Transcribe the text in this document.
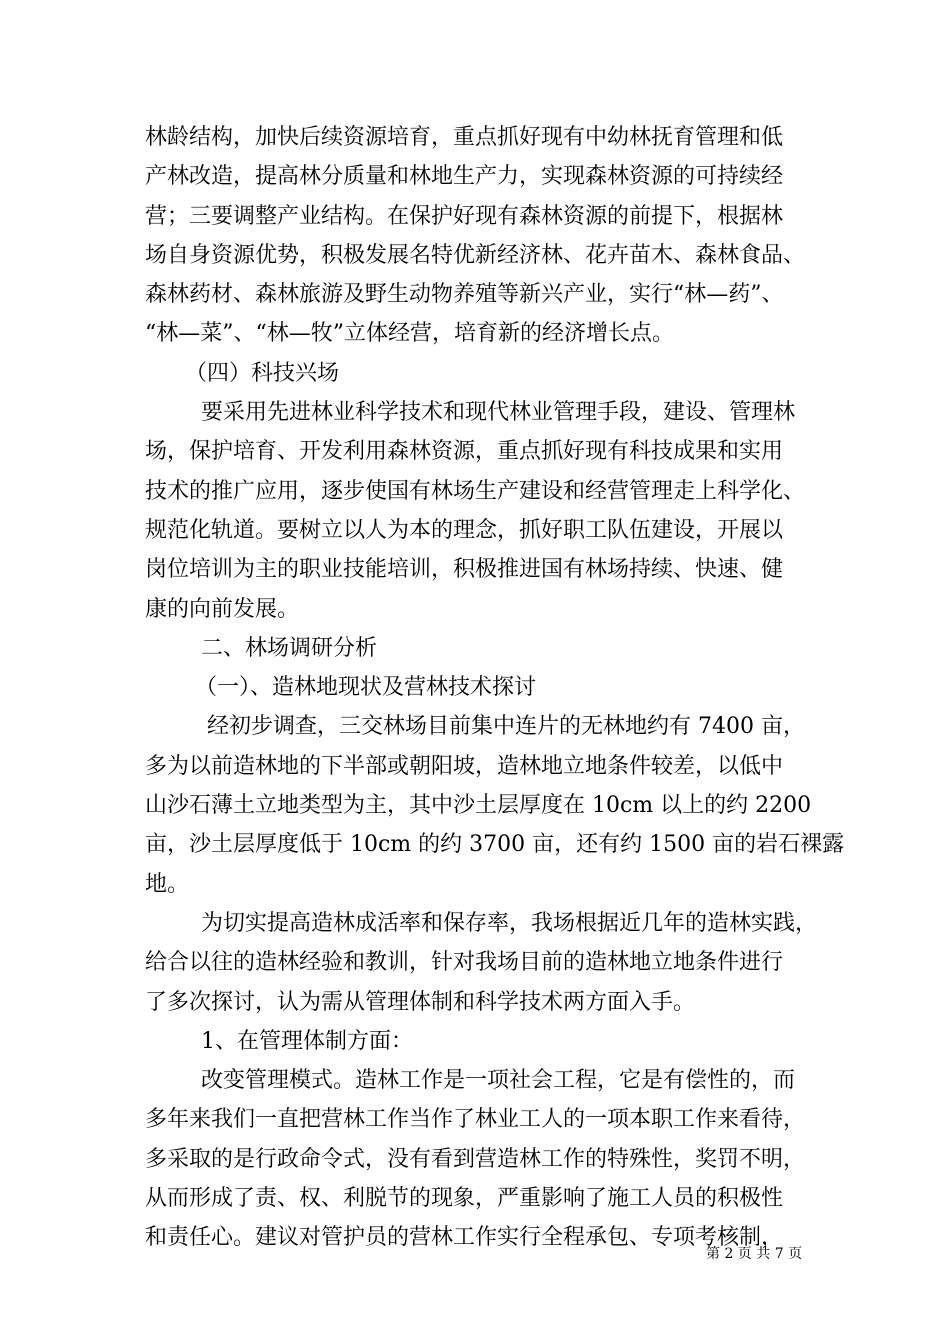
林龄结构，加快后续资源培育，重点抓好现有中幼林抚育管理和低
产林改造，提高林分质量和林地生产力，实现森林资源的可持续经
营；三要调整产业结构。在保护好现有森林资源的前提下，根据林
场自身资源优势，积极发展名特优新经济林、花卉苗木、森林食品、
森林药材、森林旅游及野生动物养殖等新兴产业，实行“林—药”、
“林—菜”、“林—牧”立体经营，培育新的经济增长点。
（四）科技兴场
要采用先进林业科学技术和现代林业管理手段，建设、管理林
场，保护培育、开发利用森林资源，重点抓好现有科技成果和实用
技术的推广应用，逐步使国有林场生产建设和经营管理走上科学化、
规范化轨道。要树立以人为本的理念，抓好职工队伍建设，开展以
岗位培训为主的职业技能培训，积极推进国有林场持续、快速、健
康的向前发展。
二、林场调研分析
（一）、造林地现状及营林技术探讨
经初步调查，三交林场目前集中连片的无林地约有 7400 亩，
多为以前造林地的下半部或朝阳坡，造林地立地条件较差，以低中
山沙石薄土立地类型为主，其中沙土层厚度在 10cm 以上的约 2200
亩，沙土层厚度低于 10cm 的约 3700 亩，还有约 1500 亩的岩石裸露
地。
为切实提高造林成活率和保存率，我场根据近几年的造林实践，
给合以往的造林经验和教训，针对我场目前的造林地立地条件进行
了多次探讨，认为需从管理体制和科学技术两方面入手。
1、在管理体制方面：
改变管理模式。造林工作是一项社会工程，它是有偿性的，而
多年来我们一直把营林工作当作了林业工人的一项本职工作来看待，
多采取的是行政命令式，没有看到营造林工作的特殊性，奖罚不明，
从而形成了责、权、利脱节的现象，严重影响了施工人员的积极性
和责任心。建议对管护员的营林工作实行全程承包、专项考核制，
第 2 页 共 7 页
